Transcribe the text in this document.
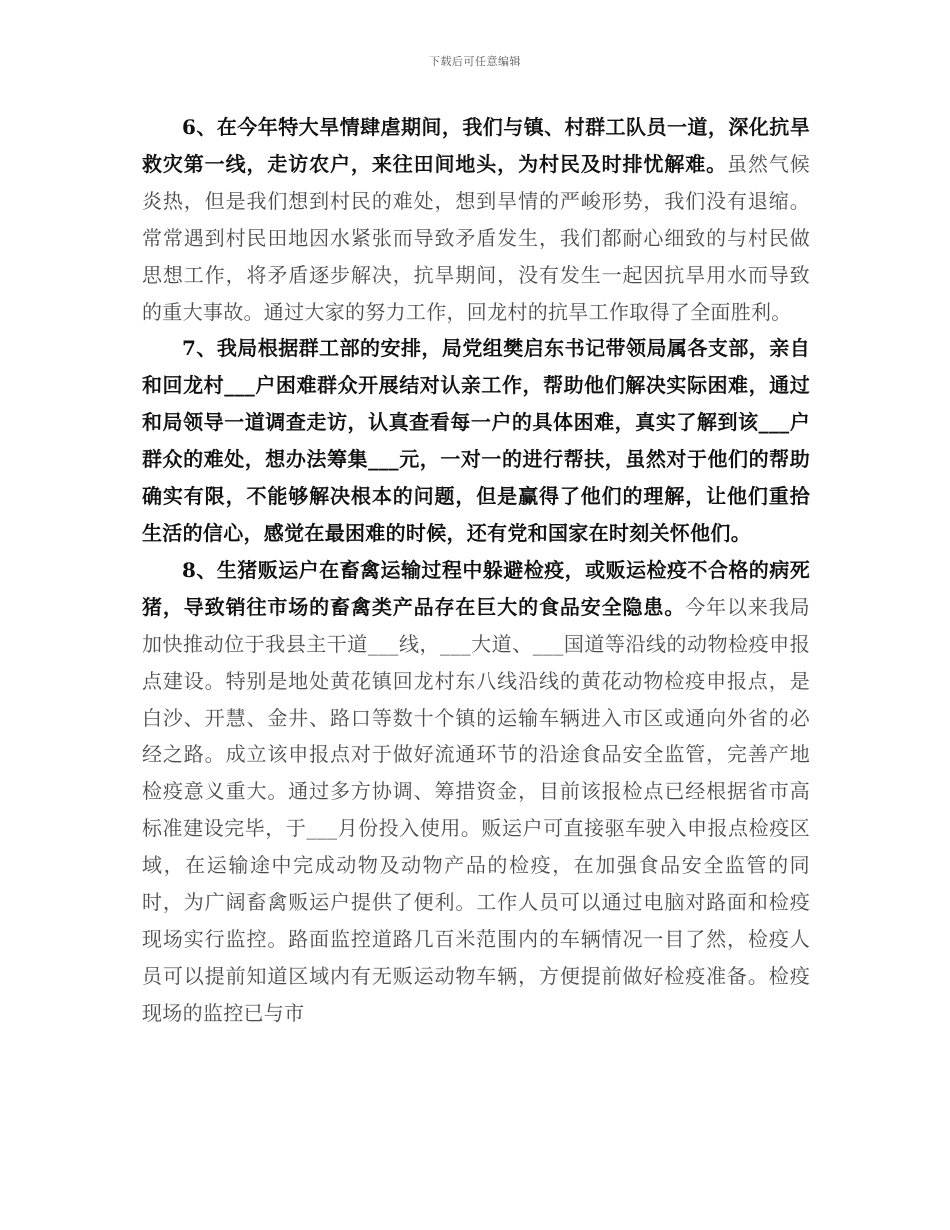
下载后可任意编辑

6、在今年特大旱情肆虐期间，我们与镇、村群工队员一道，深化抗旱救灾第一线，走访农户，来往田间地头，为村民及时排忧解难。虽然气候炎热，但是我们想到村民的难处，想到旱情的严峻形势，我们没有退缩。常常遇到村民田地因水紧张而导致矛盾发生，我们都耐心细致的与村民做思想工作，将矛盾逐步解决，抗旱期间，没有发生一起因抗旱用水而导致的重大事故。通过大家的努力工作，回龙村的抗旱工作取得了全面胜利。

7、我局根据群工部的安排，局党组樊启东书记带领局属各支部，亲自和回龙村___户困难群众开展结对认亲工作，帮助他们解决实际困难，通过和局领导一道调查走访，认真查看每一户的具体困难，真实了解到该___户群众的难处，想办法筹集___元，一对一的进行帮扶，虽然对于他们的帮助确实有限，不能够解决根本的问题，但是赢得了他们的理解，让他们重拾生活的信心，感觉在最困难的时候，还有党和国家在时刻关怀他们。

8、生猪贩运户在畜禽运输过程中躲避检疫，或贩运检疫不合格的病死猪，导致销往市场的畜禽类产品存在巨大的食品安全隐患。今年以来我局加快推动位于我县主干道___线，___大道、___国道等沿线的动物检疫申报点建设。特别是地处黄花镇回龙村东八线沿线的黄花动物检疫申报点，是白沙、开慧、金井、路口等数十个镇的运输车辆进入市区或通向外省的必经之路。成立该申报点对于做好流通环节的沿途食品安全监管，完善产地检疫意义重大。通过多方协调、筹措资金，目前该报检点已经根据省市高标准建设完毕，于___月份投入使用。贩运户可直接驱车驶入申报点检疫区域，在运输途中完成动物及动物产品的检疫，在加强食品安全监管的同时，为广阔畜禽贩运户提供了便利。工作人员可以通过电脑对路面和检疫现场实行监控。路面监控道路几百米范围内的车辆情况一目了然，检疫人员可以提前知道区域内有无贩运动物车辆，方便提前做好检疫准备。检疫现场的监控已与市
